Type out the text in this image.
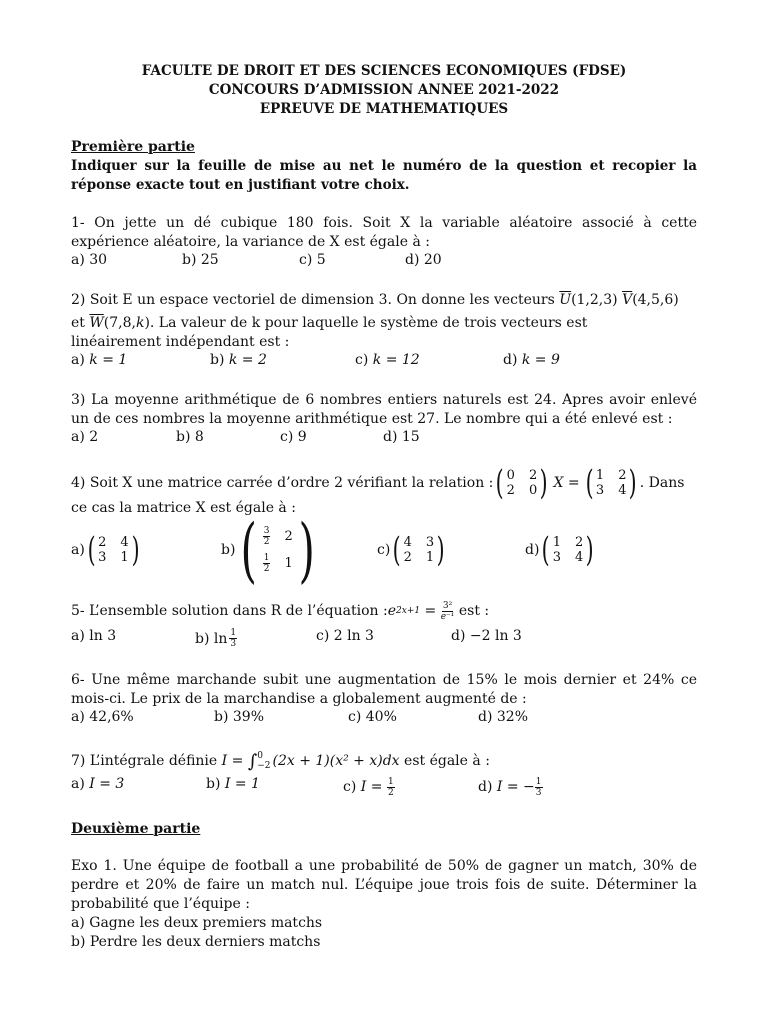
FACULTE DE DROIT ET DES SCIENCES ECONOMIQUES (FDSE)
CONCOURS D’ADMISSION ANNEE 2021-2022
EPREUVE DE MATHEMATIQUES
Première partie
Indiquer sur la feuille de mise au net le numéro de la question et recopier la réponse exacte tout en justifiant votre choix.
1- On jette un dé cubique 180 fois. Soit X la variable aléatoire associé à cette expérience aléatoire, la variance de X est égale à :
a) 30	b) 25	c) 5	d) 20
2) Soit E un espace vectoriel de dimension 3. On donne les vecteurs $\overline{U}(1,2,3)$ $\overline{V}(4,5,6)$
et $\overline{W}(7,8,k)$. La valeur de k pour laquelle le système de trois vecteurs est
linéairement indépendant est :
a) k = 1	b) k = 2	c) k = 12	d) k = 9
3) La moyenne arithmétique de 6 nombres entiers naturels est 24. Apres avoir enlevé un de ces nombres la moyenne arithmétique est 27. Le nombre qui a été enlevé est :
a) 2	b) 8	c) 9	d) 15
4) Soit X une matrice carrée d’ordre 2 vérifiant la relation : ( 0 2
2 0 ) X = ( 1 2
3 4 ) . Dans
ce cas la matrice X est égale à :
a) ( 2 4
3 1 )	b) ( $\frac{3}{2} 2$
$\frac{1}{2} 1$ )	c) ( 4 3
2 1 )	d) ( 1 2
3 4 )
5- L’ensemble solution dans R de l’équation : e $2x+1 = \frac{\text{3²}}{\text{e⁻¹}}$ est :
a) ln 3	b) $\ln \frac{1}{3}$	c) 2 ln 3	d) −2 ln 3
6- Une même marchande subit une augmentation de 15% le mois dernier et 24% ce mois-ci. Le prix de la marchandise a globalement augmenté de :
a) 42,6%	b) 39%	c) 40%	d) 32%
7) L’intégrale définie I = ∫ 0
−2 (2x + 1)(x² + x)dx est égale à :
a) I = 3	b) I = 1	c) $I = \frac{1}{2}$	d) I = − $\frac{1}{3}$
Deuxième partie
Exo 1. Une équipe de football a une probabilité de 50% de gagner un match, 30% de perdre et 20% de faire un match nul. L’équipe joue trois fois de suite. Déterminer la probabilité que l’équipe :
a) Gagne les deux premiers matchs
b) Perdre les deux derniers matchs
